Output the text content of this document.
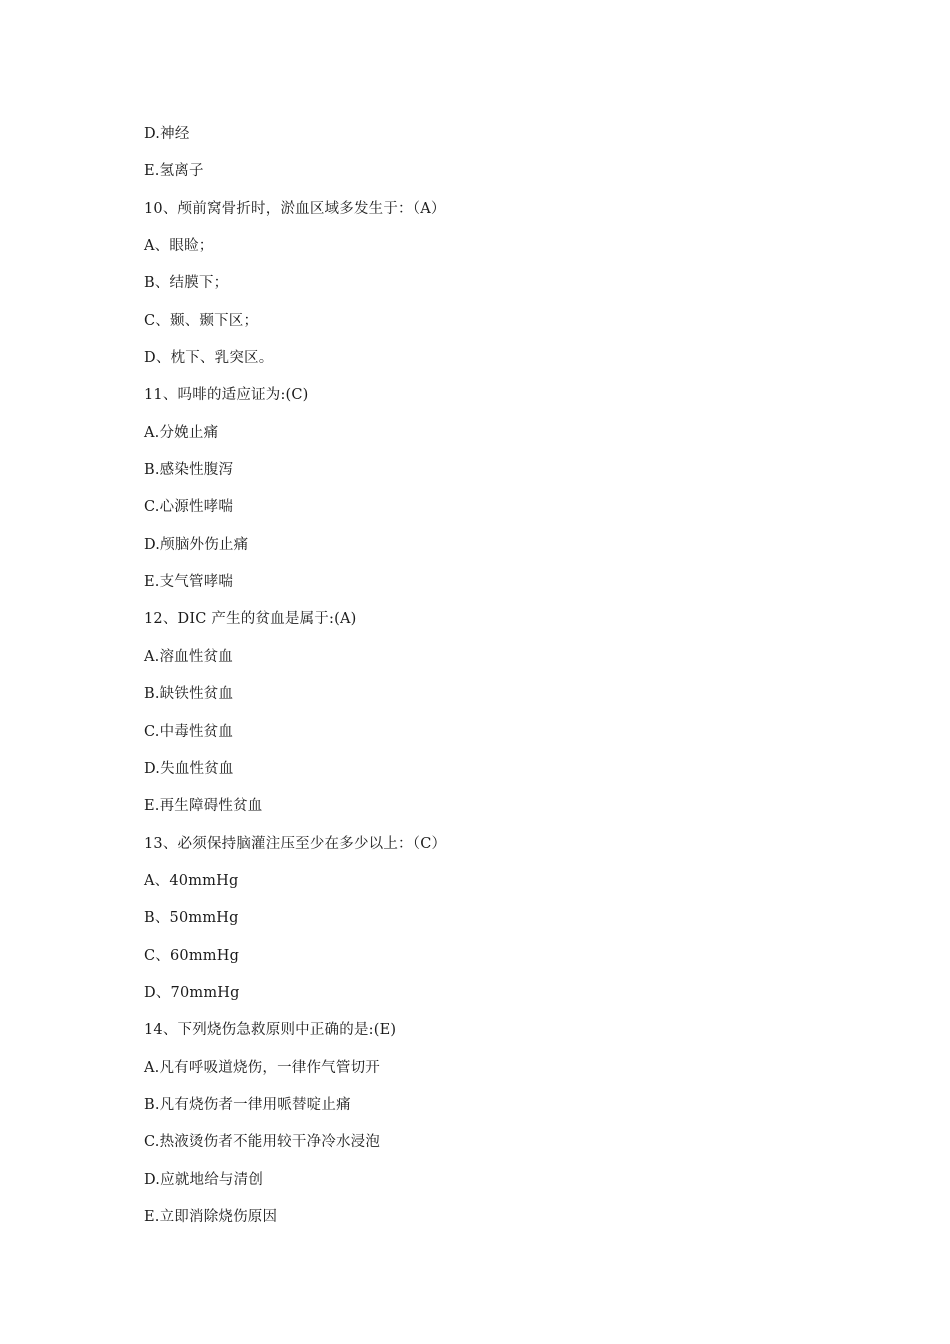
D.神经
E.氢离子
10、颅前窝骨折时，淤血区域多发生于：（A）
A、眼睑；
B、结膜下；
C、颞、颞下区；
D、枕下、乳突区。
11、吗啡的适应证为:(C)
A.分娩止痛
B.感染性腹泻
C.心源性哮喘
D.颅脑外伤止痛
E.支气管哮喘
12、DIC 产生的贫血是属于:(A)
A.溶血性贫血
B.缺铁性贫血
C.中毒性贫血
D.失血性贫血
E.再生障碍性贫血
13、必须保持脑灌注压至少在多少以上：（C）
A、40mmHg
B、50mmHg
C、60mmHg
D、70mmHg
14、下列烧伤急救原则中正确的是:(E)
A.凡有呼吸道烧伤，一律作气管切开
B.凡有烧伤者一律用哌替啶止痛
C.热液烫伤者不能用较干净冷水浸泡
D.应就地给与清创
E.立即消除烧伤原因
